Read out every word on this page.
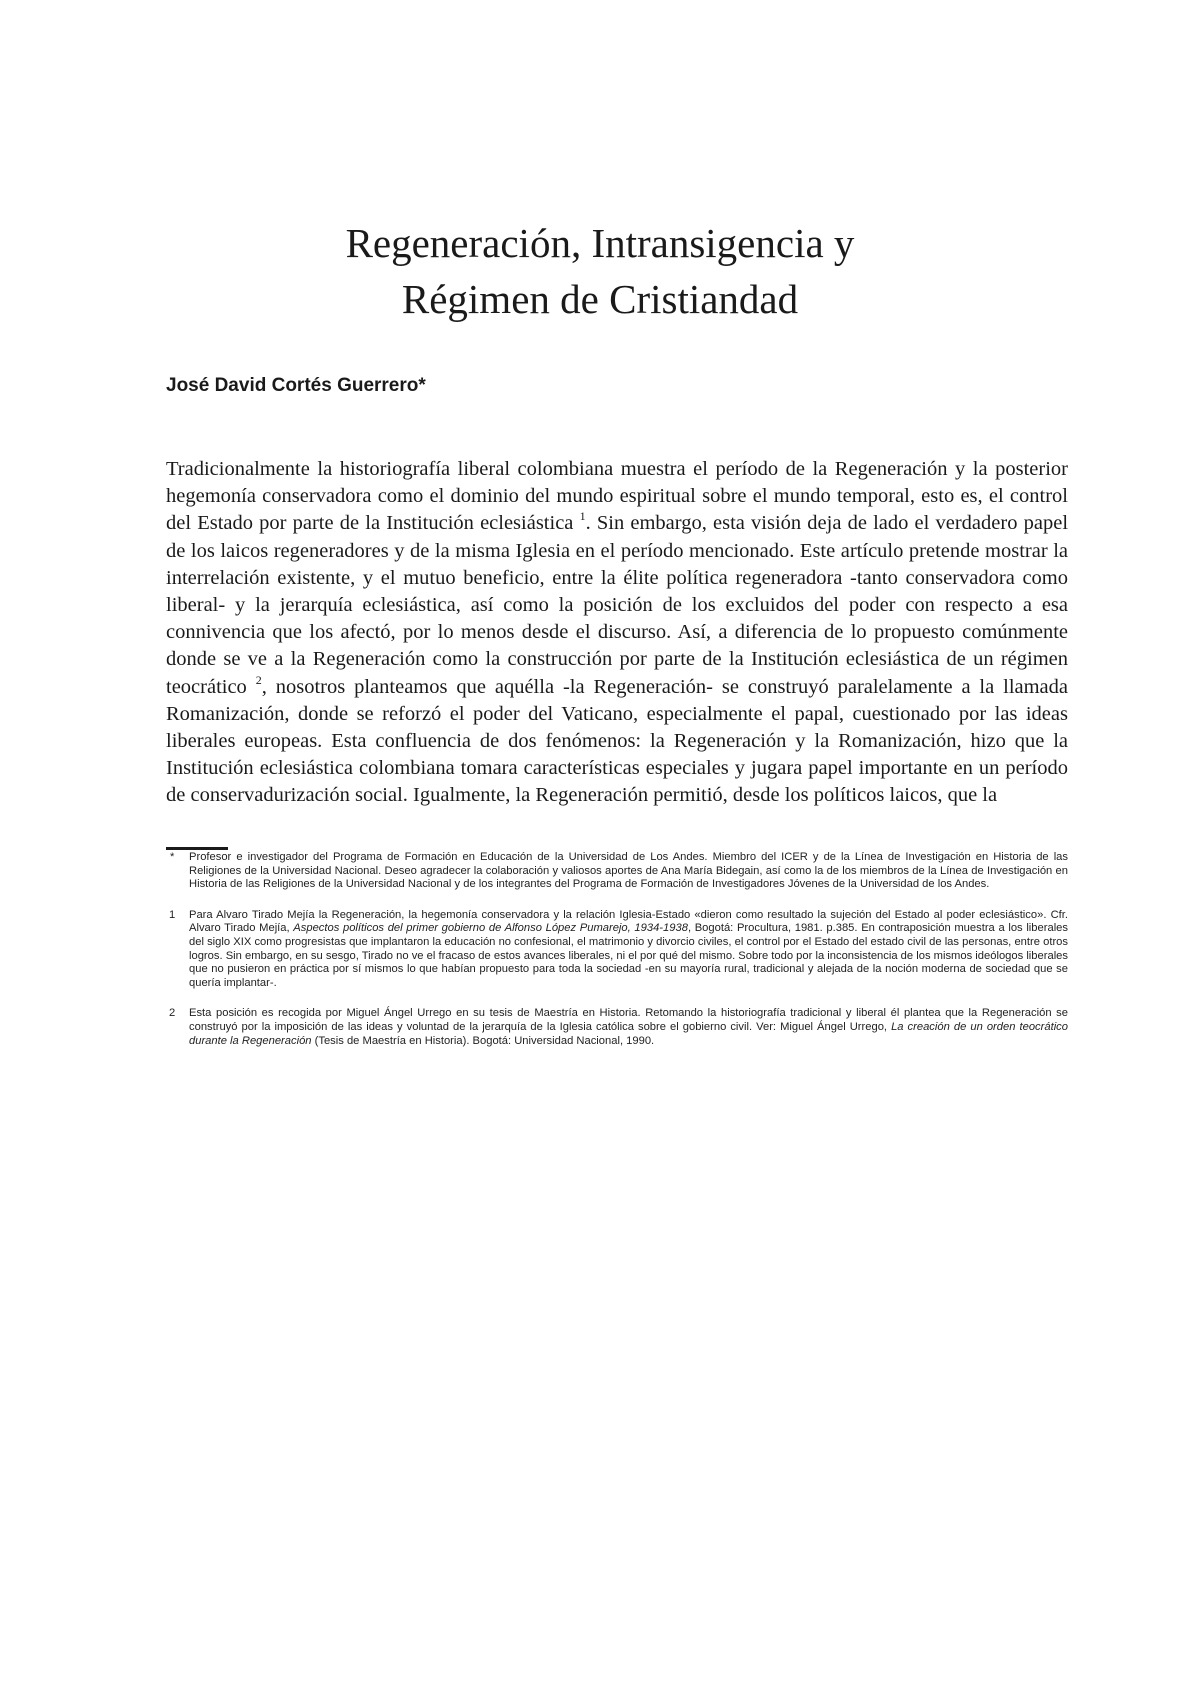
Regeneración, Intransigencia y
Régimen de Cristiandad

José David Cortés Guerrero*

Tradicionalmente la historiografía liberal colombiana muestra el período de la Regeneración y la posterior hegemonía conservadora como el dominio del mundo espiritual sobre el mundo temporal, esto es, el control del Estado por parte de la Institución eclesiástica $^1$. Sin embargo, esta visión deja de lado el verdadero papel de los laicos regeneradores y de la misma Iglesia en el período mencionado. Este artículo pretende mostrar la interrelación existente, y el mutuo beneficio, entre la élite política regeneradora -tanto conservadora como liberal- y la jerarquía eclesiástica, así como la posición de los excluidos del poder con respecto a esa connivencia que los afectó, por lo menos desde el discurso. Así, a diferencia de lo propuesto comúnmente donde se ve a la Regeneración como la construcción por parte de la Institución eclesiástica de un régimen teocrático $^2$, nosotros planteamos que aquélla -la Regeneración- se construyó paralelamente a la llamada Romanización, donde se reforzó el poder del Vaticano, especialmente el papal, cuestionado por las ideas liberales europeas. Esta confluencia de dos fenómenos: la Regeneración y la Romanización, hizo que la Institución eclesiástica colombiana tomara características especiales y jugara papel importante en un período de conservadurización social. Igualmente, la Regeneración permitió, desde los políticos laicos, que la

* Profesor e investigador del Programa de Formación en Educación de la Universidad de Los Andes. Miembro del ICER y de la Línea de Investigación en Historia de las Religiones de la Universidad Nacional. Deseo agradecer la colaboración y valiosos aportes de Ana María Bidegain, así como la de los miembros de la Línea de Investigación en Historia de las Religiones de la Universidad Nacional y de los integrantes del Programa de Formación de Investigadores Jóvenes de la Universidad de los Andes.

1 Para Alvaro Tirado Mejía la Regeneración, la hegemonía conservadora y la relación Iglesia-Estado «dieron como resultado la sujeción del Estado al poder eclesiástico». Cfr. Alvaro Tirado Mejía, Aspectos políticos del primer gobierno de Alfonso López Pumarejo, 1934-1938, Bogotá: Procultura, 1981. p.385. En contraposición muestra a los liberales del siglo XIX como progresistas que implantaron la educación no confesional, el matrimonio y divorcio civiles, el control por el Estado del estado civil de las personas, entre otros logros. Sin embargo, en su sesgo, Tirado no ve el fracaso de estos avances liberales, ni el por qué del mismo. Sobre todo por la inconsistencia de los mismos ideólogos liberales que no pusieron en práctica por sí mismos lo que habían propuesto para toda la sociedad -en su mayoría rural, tradicional y alejada de la noción moderna de sociedad que se quería implantar-.

2 Esta posición es recogida por Miguel Ángel Urrego en su tesis de Maestría en Historia. Retomando la historiografía tradicional y liberal él plantea que la Regeneración se construyó por la imposición de las ideas y voluntad de la jerarquía de la Iglesia católica sobre el gobierno civil. Ver: Miguel Ángel Urrego, La creación de un orden teocrático durante la Regeneración (Tesis de Maestría en Historia). Bogotá: Universidad Nacional, 1990.
